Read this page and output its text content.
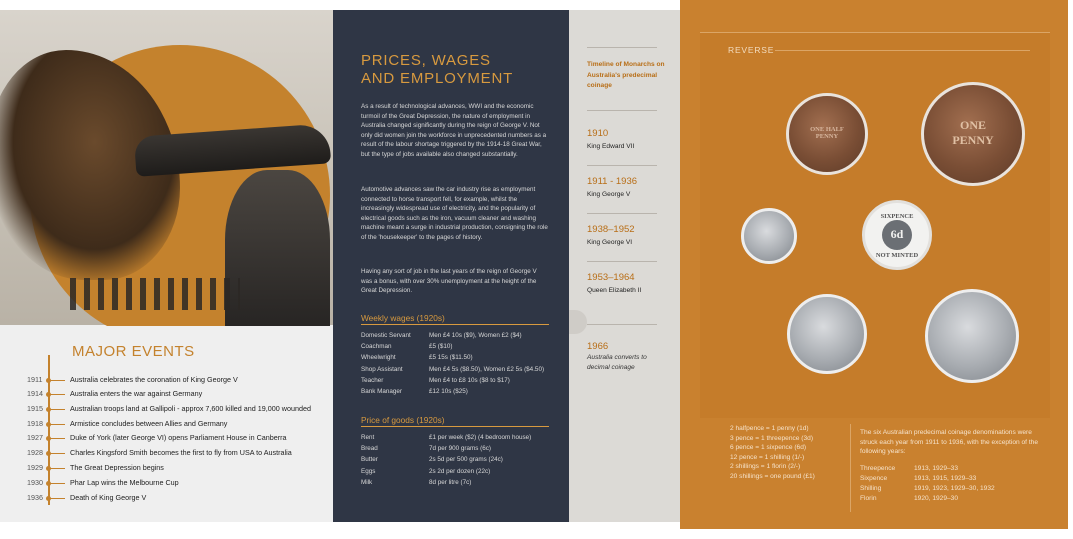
MAJOR EVENTS
1911	Australia celebrates the coronation of King George V
1914	Australia enters the war against Germany
1915	Australian troops land at Gallipoli - approx 7,600 killed and 19,000 wounded
1918	Armistice concludes between Allies and Germany
1927	Duke of York (later George VI) opens Parliament House in Canberra
1928	Charles Kingsford Smith becomes the first to fly from USA to Australia
1929	The Great Depression begins
1930	Phar Lap wins the Melbourne Cup
1936	Death of King George V
PRICES, WAGES
AND EMPLOYMENT
As a result of technological advances, WWI and the economic turmoil of the Great Depression, the nature of employment in Australia changed significantly during the reign of George V. Not only did women join the workforce in unprecedented numbers as a result of the labour shortage triggered by the 1914-18 Great War, but the type of jobs available also changed substantially.
Automotive advances saw the car industry rise as employment connected to horse transport fell, for example, whilst the increasingly widespread use of electricity, and the popularity of electrical goods such as the iron, vacuum cleaner and washing machine meant a surge in industrial production, consigning the role of the 'housekeeper' to the pages of history.
Having any sort of job in the last years of the reign of George V was a bonus, with over 30% unemployment at the height of the Great Depression.
Weekly wages (1920s)
Domestic Servant	Men £4 10s ($9), Women £2 ($4)
Coachman	£5 ($10)
Wheelwright	£5 15s ($11.50)
Shop Assistant	Men £4 5s ($8.50), Women £2 5s ($4.50)
Teacher	Men £4 to £8 10s ($8 to $17)
Bank Manager	£12 10s ($25)
Price of goods (1920s)
Rent	£1 per week ($2) (4 bedroom house)
Bread	7d per 900 grams (6c)
Butter	2s 5d per 500 grams (24c)
Eggs	2s 2d per dozen (22c)
Milk	8d per litre (7c)
Timeline of Monarchs on Australia's predecimal coinage
1910
King Edward VII
1911 - 1936
King George V
1938–1952
King George VI
1953–1964
Queen Elizabeth II
1966
Australia converts to decimal coinage
REVERSE
ONE HALF PENNY
ONE
PENNY
SIXPENCE
6d
NOT MINTED
2 halfpence = 1 penny (1d)
3 pence = 1 threepence (3d)
6 pence = 1 sixpence (6d)
12 pence = 1 shilling (1/-)
2 shillings = 1 florin (2/-)
20 shillings = one pound (£1)
The six Australian predecimal coinage denominations were struck each year from 1911 to 1936, with the exception of the following years:
Threepence	1913, 1929–33
Sixpence	1913, 1915, 1929–33
Shilling	1919, 1923, 1929–30, 1932
Florin	1920, 1929–30
